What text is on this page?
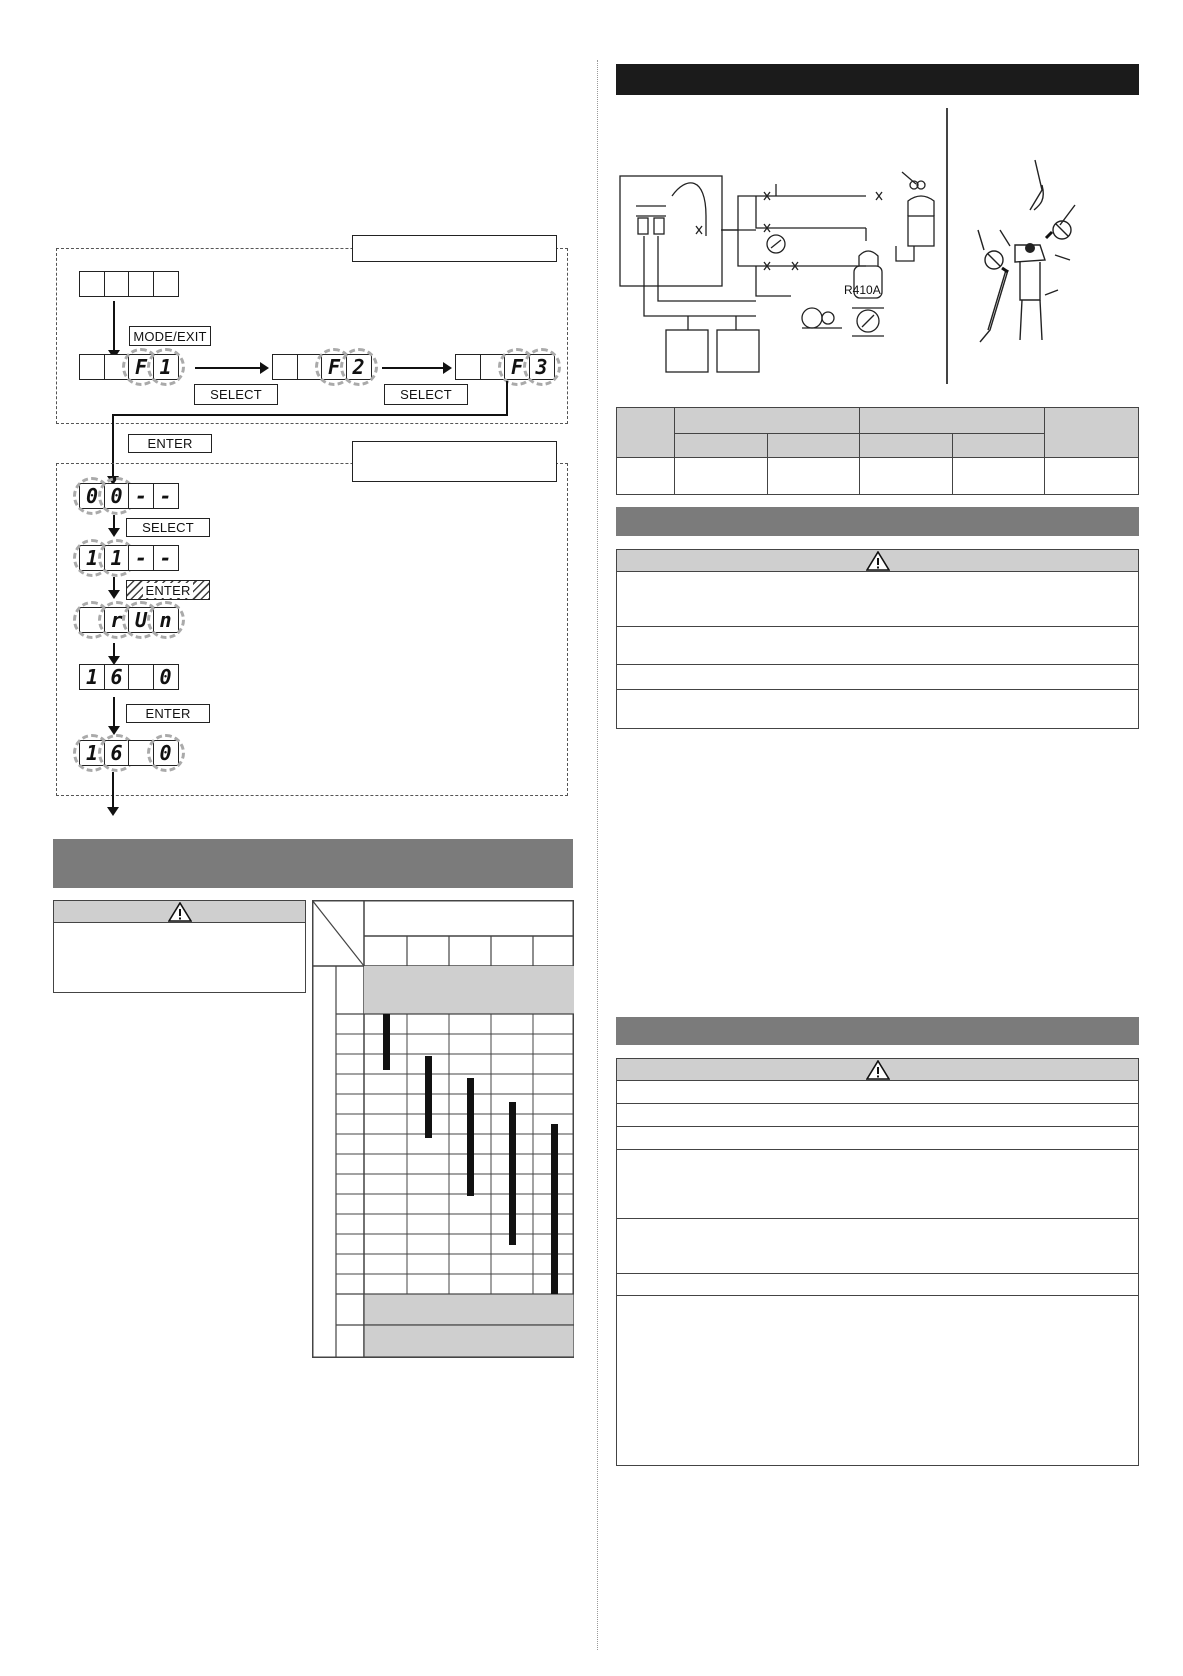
MODE/EXIT
F 1	F 2	F 3
SELECT	SELECT
ENTER
0 0 - -
SELECT
1 1 - -
ENTER
r U n
1 6	0
ENTER
1 6	0
R410A
